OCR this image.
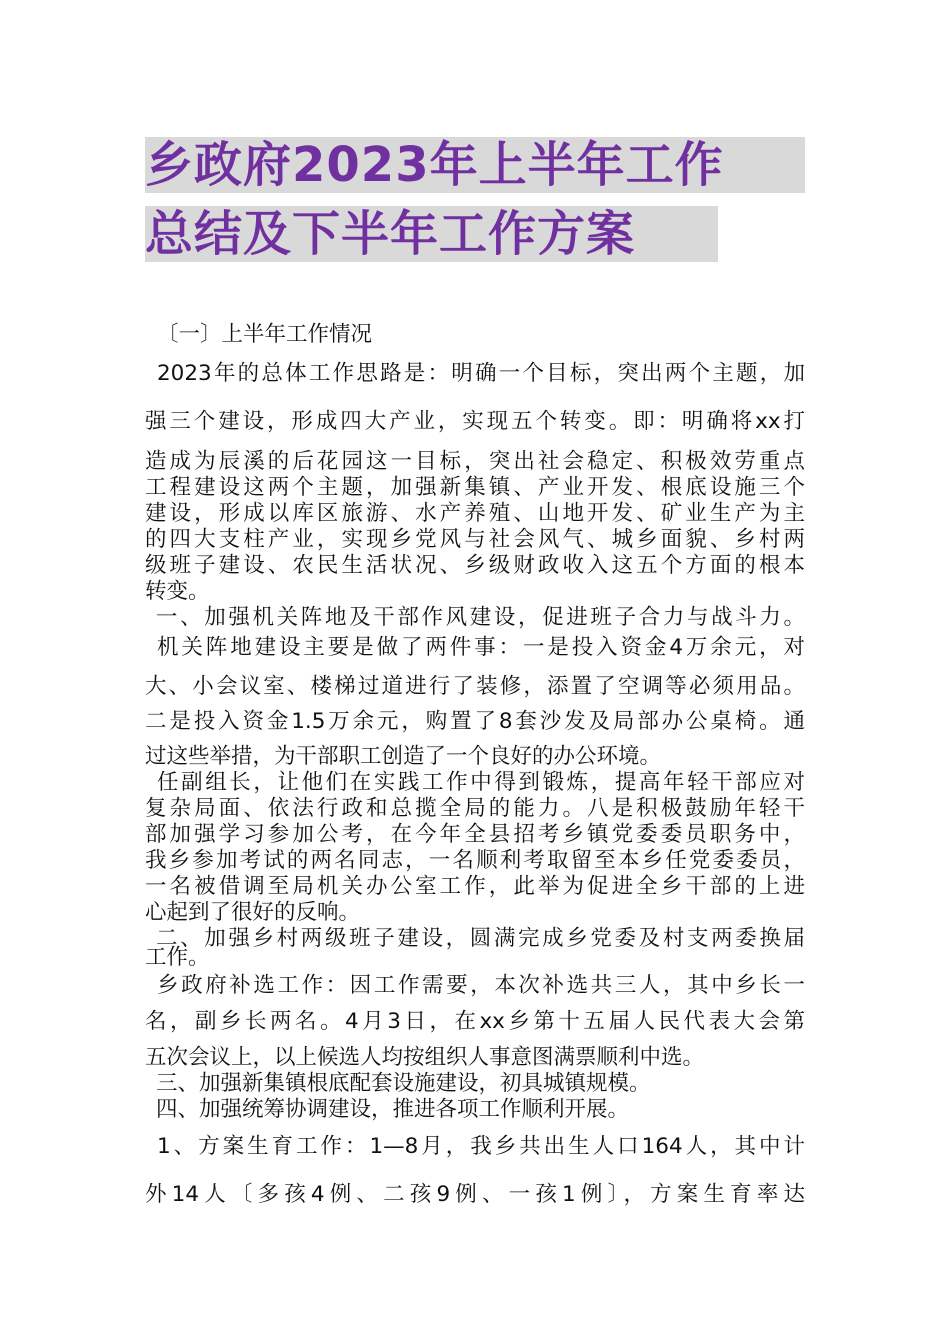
乡政府2023年上半年工作
总结及下半年工作方案
〔一〕上半年工作情况
2023年的总体工作思路是：明确一个目标，突出两个主题，加
强三个建设，形成四大产业，实现五个转变。即：明确将xx打
造成为辰溪的后花园这一目标，突出社会稳定、积极效劳重点
工程建设这两个主题，加强新集镇、产业开发、根底设施三个
建设，形成以库区旅游、水产养殖、山地开发、矿业生产为主
的四大支柱产业，实现乡党风与社会风气、城乡面貌、乡村两
级班子建设、农民生活状况、乡级财政收入这五个方面的根本
转变。
一、加强机关阵地及干部作风建设，促进班子合力与战斗力。
机关阵地建设主要是做了两件事：一是投入资金4万余元，对
大、小会议室、楼梯过道进行了装修，添置了空调等必须用品。
二是投入资金1.5万余元，购置了8套沙发及局部办公桌椅。通
过这些举措，为干部职工创造了一个良好的办公环境。
任副组长，让他们在实践工作中得到锻炼，提高年轻干部应对
复杂局面、依法行政和总揽全局的能力。八是积极鼓励年轻干
部加强学习参加公考，在今年全县招考乡镇党委委员职务中，
我乡参加考试的两名同志，一名顺利考取留至本乡任党委委员，
一名被借调至局机关办公室工作，此举为促进全乡干部的上进
心起到了很好的反响。
二、加强乡村两级班子建设，圆满完成乡党委及村支两委换届
工作。
乡政府补选工作：因工作需要，本次补选共三人，其中乡长一
名，副乡长两名。4月3日，在xx乡第十五届人民代表大会第
五次会议上，以上候选人均按组织人事意图满票顺利中选。
三、加强新集镇根底配套设施建设，初具城镇规模。
四、加强统筹协调建设，推进各项工作顺利开展。
1、方案生育工作：1—8月，我乡共出生人口164人，其中计
外14人〔多孩4例、二孩9例、一孩1例〕，方案生育率达
